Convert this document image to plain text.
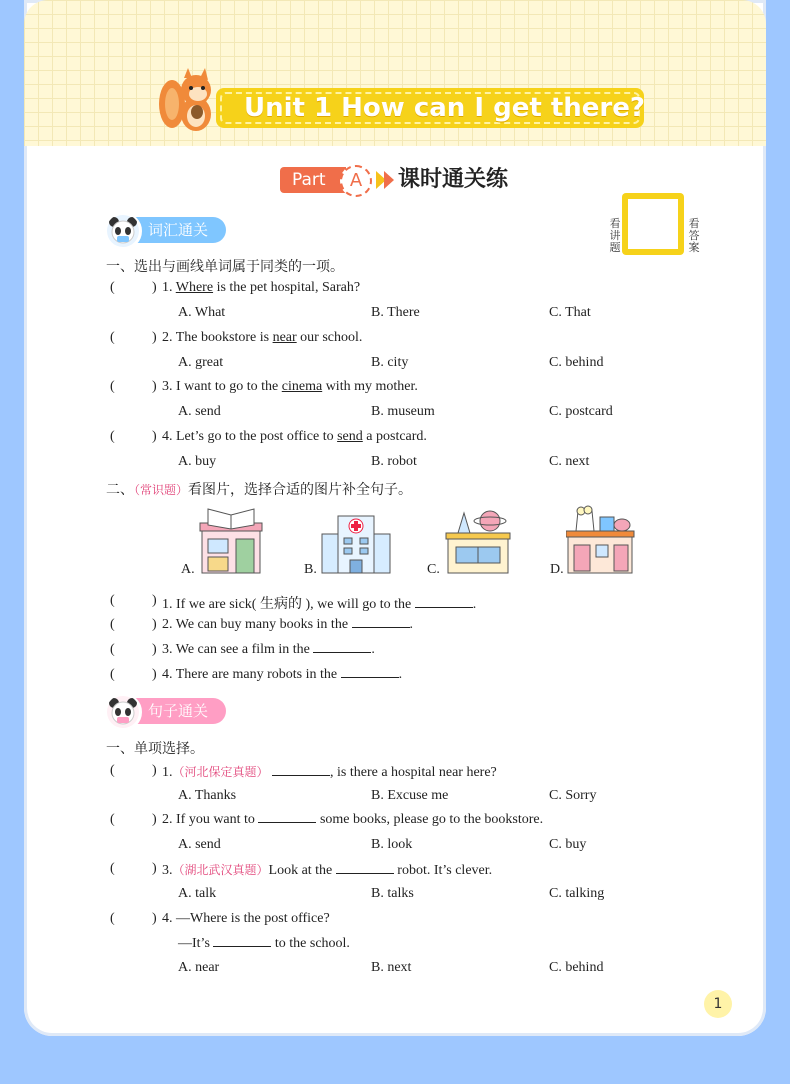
Unit 1 How can I get there?
Part	A	课时通关练
看
讲
题
看
答
案
词汇通关
一、选出与画线单词属于同类的一项。
(	) 1. Where is the pet hospital, Sarah?
A. What	B. There	C. That
(	) 2. The bookstore is near our school.
A. great	B. city	C. behind
(	) 3. I want to go to the cinema with my mother.
A. send	B. museum	C. postcard
(	) 4. Let’s go to the post office to send a postcard.
A. buy	B. robot	C. next
二、（常识题）看图片，选择合适的图片补全句子。
A.	B.	C.	D.
(	) 1. If we are sick( 生病的 ), we will go to the	.
(	) 2. We can buy many books in the	.
(	) 3. We can see a film in the	.
(	) 4. There are many robots in the	.
句子通关
一、单项选择。
(	) 1.（河北保定真题）	, is there a hospital near here?
A. Thanks	B. Excuse me	C. Sorry
(	) 2. If you want to	some books, please go to the bookstore.
A. send	B. look	C. buy
(	) 3.（湖北武汉真题）Look at the	robot. It’s clever.
A. talk	B. talks	C. talking
(	) 4. —Where is the post office?
—It’s	to the school.
A. near	B. next	C. behind
1
